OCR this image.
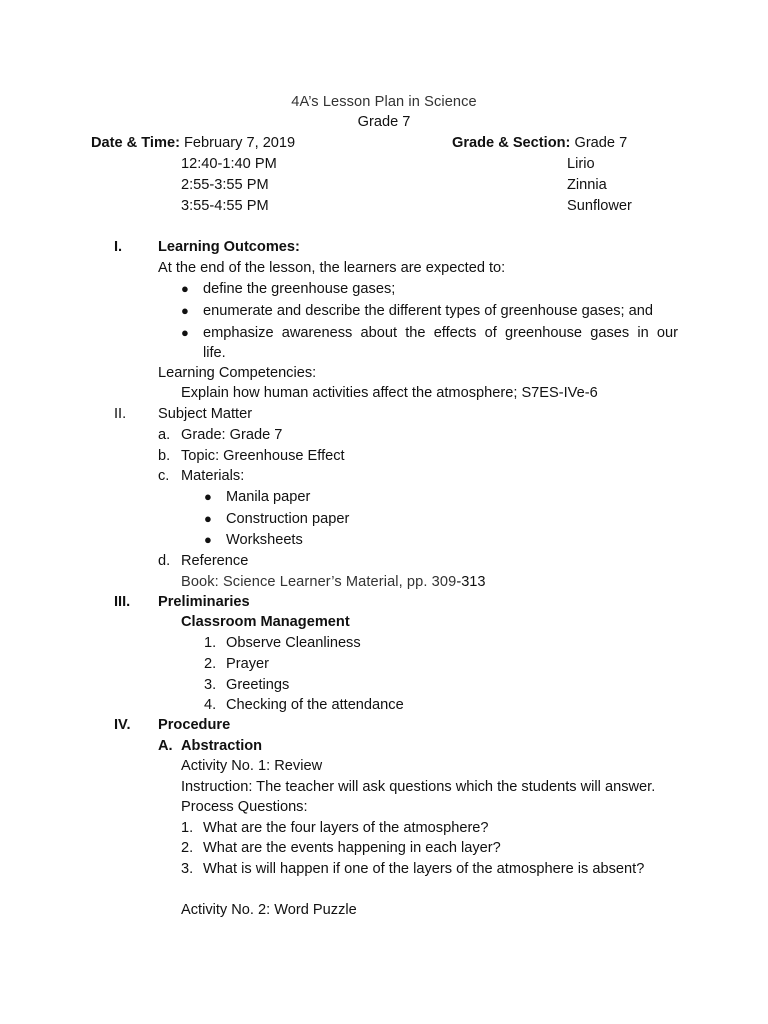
4A’s Lesson Plan in Science
Grade 7
Date & Time: February 7, 2019
12:40-1:40 PM
2:55-3:55 PM
3:55-4:55 PM
Grade & Section: Grade 7
Lirio
Zinnia
Sunflower
I. Learning Outcomes:
At the end of the lesson, the learners are expected to:
● define the greenhouse gases;
● enumerate and describe the different types of greenhouse gases; and
● emphasize awareness about the effects of greenhouse gases in our
life.
Learning Competencies:
Explain how human activities affect the atmosphere; S7ES-IVe-6
II. Subject Matter
a. Grade: Grade 7
b. Topic: Greenhouse Effect
c. Materials:
● Manila paper
● Construction paper
● Worksheets
d. Reference
Book: Science Learner’s Material, pp. 309-313
III. Preliminaries
Classroom Management
1. Observe Cleanliness
2. Prayer
3. Greetings
4. Checking of the attendance
IV. Procedure
A. Abstraction
Activity No. 1: Review
Instruction: The teacher will ask questions which the students will answer.
Process Questions:
1. What are the four layers of the atmosphere?
2. What are the events happening in each layer?
3. What is will happen if one of the layers of the atmosphere is absent?
Activity No. 2: Word Puzzle
